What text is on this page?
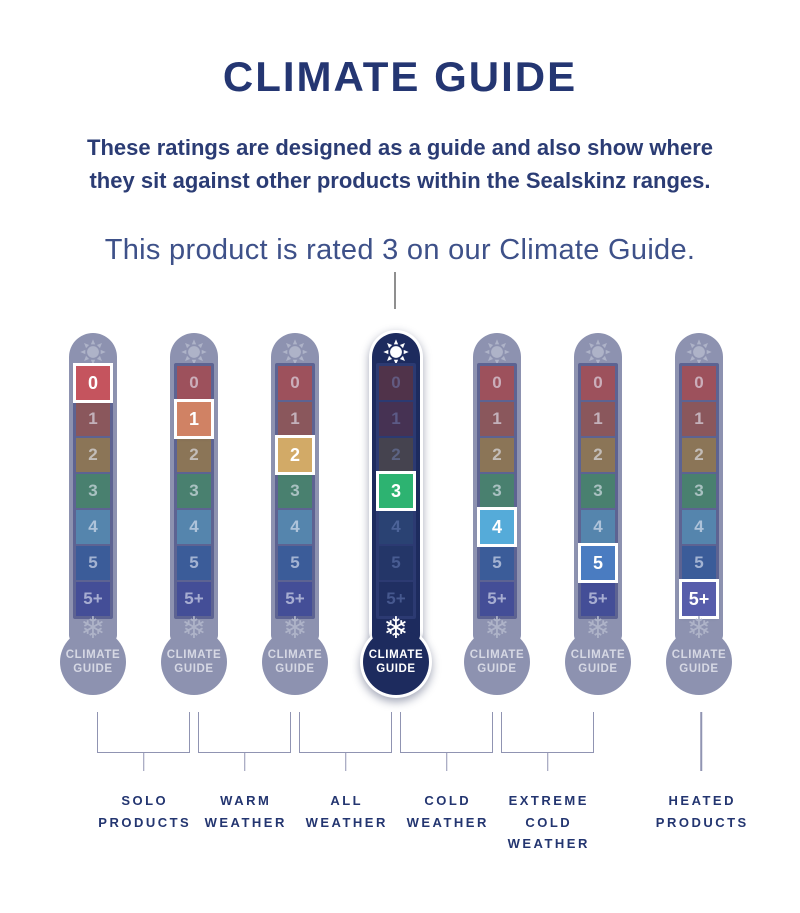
CLIMATE GUIDE
These ratings are designed as a guide and also show where
they sit against other products within the Sealskinz ranges.
This product is rated 3 on our Climate Guide.
0
1
2
3
4
5
5+
❄
CLIMATE
GUIDE
0
1
2
3
4
5
5+
❄
CLIMATE
GUIDE
0
1
2
3
4
5
5+
❄
CLIMATE
GUIDE
0
1
2
3
4
5
5+
❄
CLIMATE
GUIDE
0
1
2
3
4
5
5+
❄
CLIMATE
GUIDE
0
1
2
3
4
5
5+
❄
CLIMATE
GUIDE
0
1
2
3
4
5
5+
❄
CLIMATE
GUIDE
SOLO
PRODUCTS
WARM
WEATHER
ALL
WEATHER
COLD
WEATHER
EXTREME
COLD
WEATHER
HEATED
PRODUCTS
